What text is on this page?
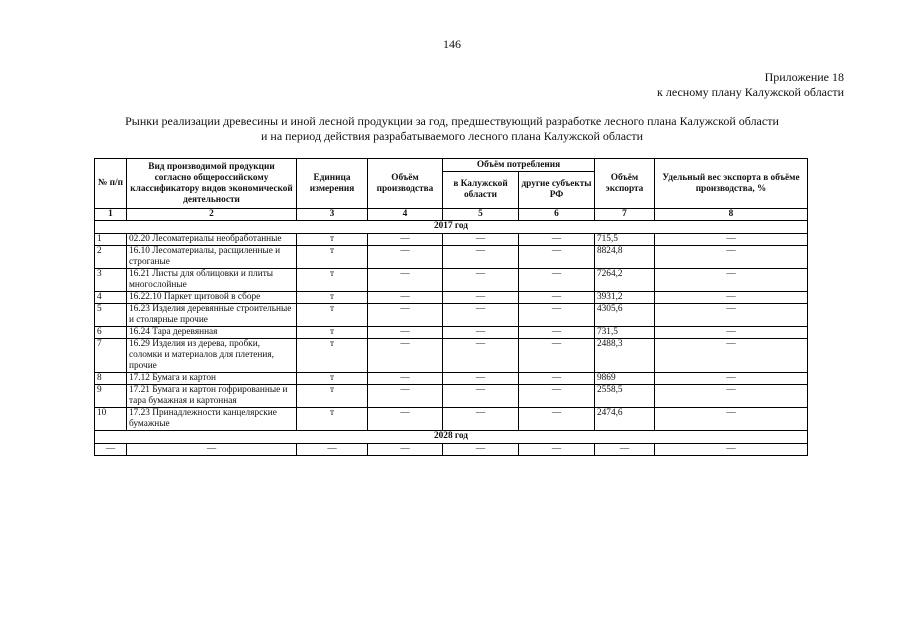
146
Приложение 18
к лесному плану Калужской области
Рынки реализации древесины и иной лесной продукции за год, предшествующий разработке лесного плана Калужской области
и на период действия разрабатываемого лесного плана Калужской области
№ п/п	Вид производимой продукции согласно общероссийскому классификатору видов экономической деятельности	Единица измерения	Объём производства	Объём потребления		Объём экспорта	Удельный вес экспорта в объёме производства, %
				в Калужской области	другие субъекты РФ		
1	2	3	4	5	6	7	8
2017 год							
1	02.20 Лесоматериалы необработанные	т	—	—	—	715,5	—
2	16.10 Лесоматериалы, расщиленные и строганые	т	—	—	—	8824,8	—
3	16.21 Листы для облицовки и плиты многослойные	т	—	—	—	7264,2	—
4	16.22.10 Паркет щитовой в сборе	т	—	—	—	3931,2	—
5	16.23 Изделия деревянные строительные и столярные прочие	т	—	—	—	4305,6	—
6	16.24 Тара деревянная	т	—	—	—	731,5	—
7	16.29 Изделия из дерева, пробки, соломки и материалов для плетения, прочие	т	—	—	—	2488,3	—
8	17.12 Бумага и картон	т	—	—	—	9869	—
9	17.21 Бумага и картон гофрированные и тара бумажная и картонная	т	—	—	—	2558,5	—
10	17.23 Принадлежности канцелярские бумажные	т	—	—	—	2474,6	—
2028 год							
—	—	—	—	—	—	—	—
